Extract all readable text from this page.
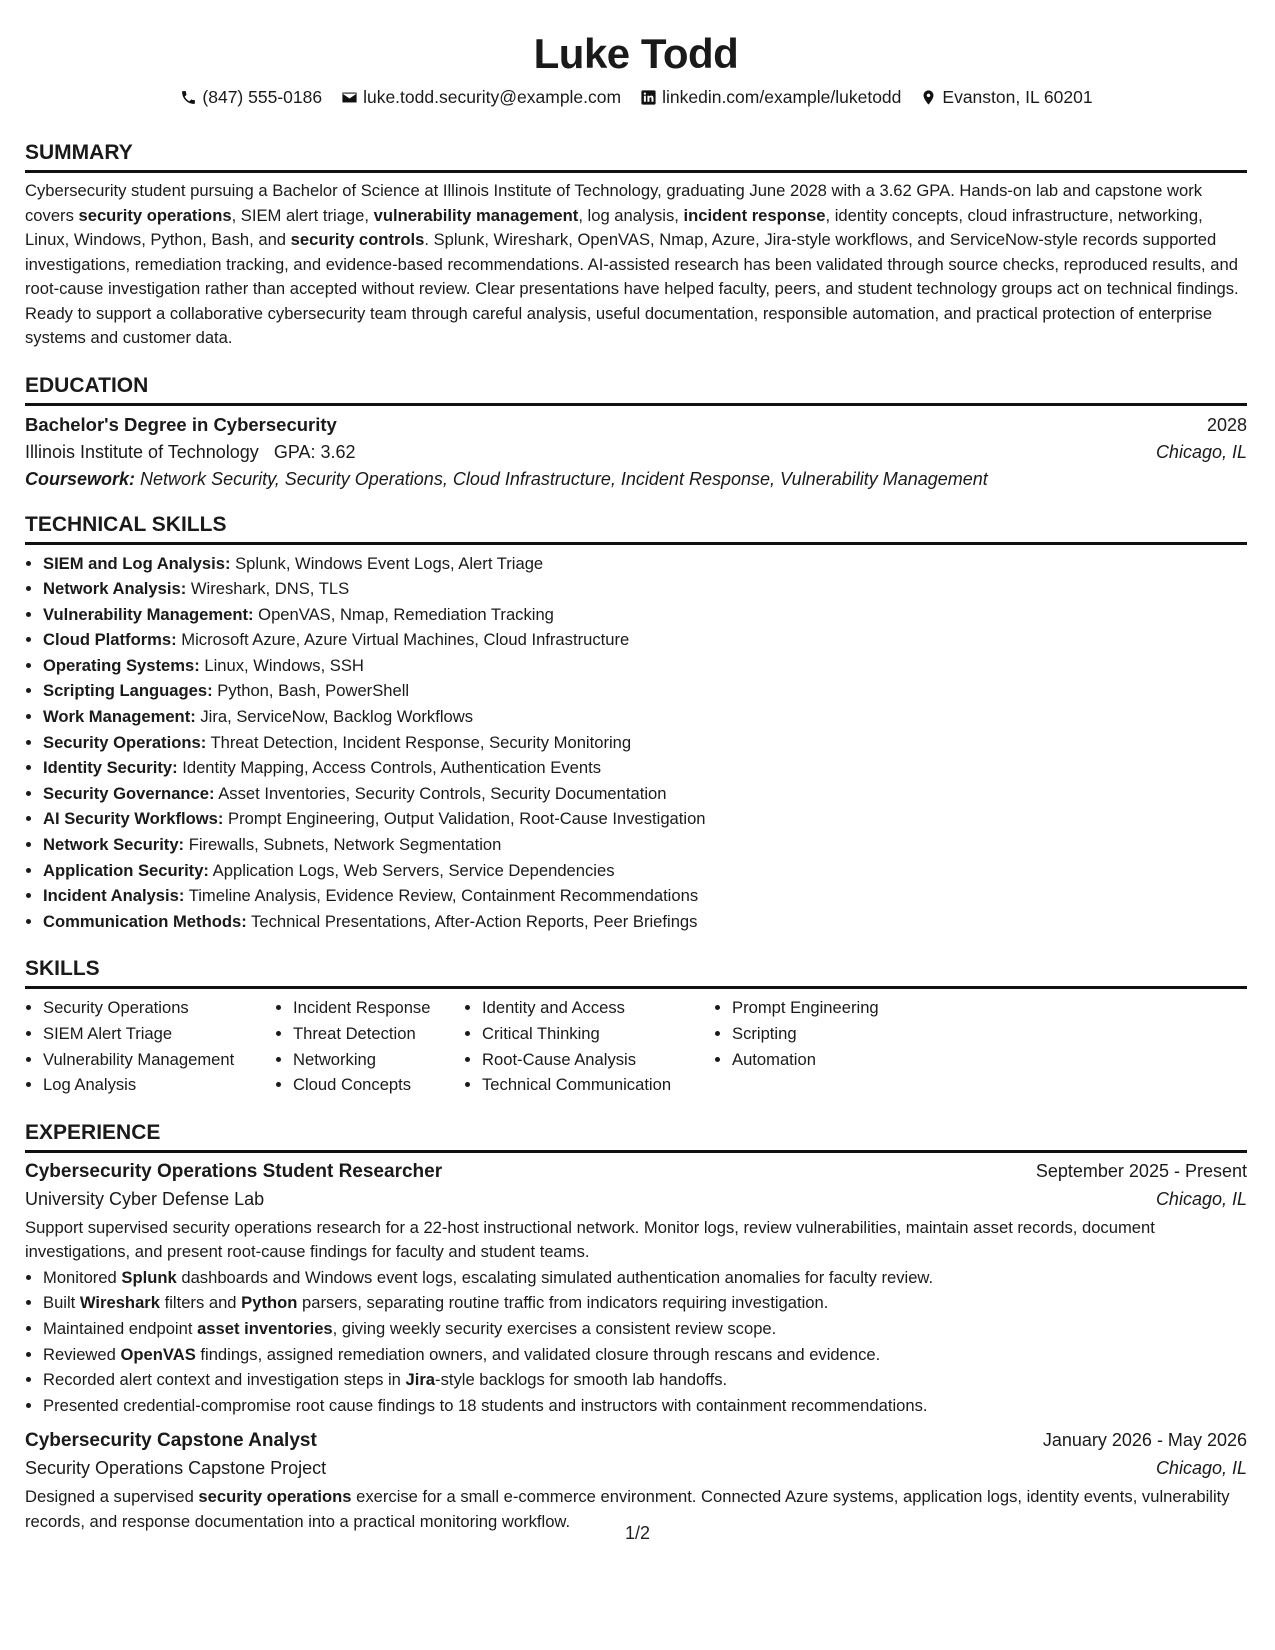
Luke Todd
(847) 555-0186 luke.todd.security@example.com linkedin.com/example/luketodd Evanston, IL 60201
SUMMARY

Cybersecurity student pursuing a Bachelor of Science at Illinois Institute of Technology, graduating June 2028 with a 3.62 GPA. Hands-on lab and capstone work covers security operations, SIEM alert triage, vulnerability management, log analysis, incident response, identity concepts, cloud infrastructure, networking, Linux, Windows, Python, Bash, and security controls. Splunk, Wireshark, OpenVAS, Nmap, Azure, Jira-style workflows, and ServiceNow-style records supported investigations, remediation tracking, and evidence-based recommendations. AI-assisted research has been validated through source checks, reproduced results, and root-cause investigation rather than accepted without review. Clear presentations have helped faculty, peers, and student technology groups act on technical findings. Ready to support a collaborative cybersecurity team through careful analysis, useful documentation, responsible automation, and practical protection of enterprise systems and customer data.

EDUCATION
Bachelor's Degree in Cybersecurity	2028
Illinois Institute of Technology GPA: 3.62	Chicago, IL
Coursework: Network Security, Security Operations, Cloud Infrastructure, Incident Response, Vulnerability Management
TECHNICAL SKILLS
• SIEM and Log Analysis: Splunk, Windows Event Logs, Alert Triage
• Network Analysis: Wireshark, DNS, TLS
• Vulnerability Management: OpenVAS, Nmap, Remediation Tracking
• Cloud Platforms: Microsoft Azure, Azure Virtual Machines, Cloud Infrastructure
• Operating Systems: Linux, Windows, SSH
• Scripting Languages: Python, Bash, PowerShell
• Work Management: Jira, ServiceNow, Backlog Workflows
• Security Operations: Threat Detection, Incident Response, Security Monitoring
• Identity Security: Identity Mapping, Access Controls, Authentication Events
• Security Governance: Asset Inventories, Security Controls, Security Documentation
• AI Security Workflows: Prompt Engineering, Output Validation, Root-Cause Investigation
• Network Security: Firewalls, Subnets, Network Segmentation
• Application Security: Application Logs, Web Servers, Service Dependencies
• Incident Analysis: Timeline Analysis, Evidence Review, Containment Recommendations
• Communication Methods: Technical Presentations, After-Action Reports, Peer Briefings
SKILLS
• Security Operations
• SIEM Alert Triage
• Vulnerability Management
• Log Analysis
• Incident Response
• Threat Detection
• Networking
• Cloud Concepts
• Identity and Access
• Critical Thinking
• Root-Cause Analysis
• Technical Communication
• Prompt Engineering
• Scripting
• Automation
EXPERIENCE
Cybersecurity Operations Student Researcher	September 2025 - Present
University Cyber Defense Lab	Chicago, IL
Support supervised security operations research for a 22-host instructional network. Monitor logs, review vulnerabilities, maintain asset records, document investigations, and present root-cause findings for faculty and student teams.
• Monitored Splunk dashboards and Windows event logs, escalating simulated authentication anomalies for faculty review.
• Built Wireshark filters and Python parsers, separating routine traffic from indicators requiring investigation.
• Maintained endpoint asset inventories, giving weekly security exercises a consistent review scope.
• Reviewed OpenVAS findings, assigned remediation owners, and validated closure through rescans and evidence.
• Recorded alert context and investigation steps in Jira-style backlogs for smooth lab handoffs.
• Presented credential-compromise root cause findings to 18 students and instructors with containment recommendations.
Cybersecurity Capstone Analyst	January 2026 - May 2026
Security Operations Capstone Project	Chicago, IL
Designed a supervised security operations exercise for a small e-commerce environment. Connected Azure systems, application logs, identity events, vulnerability records, and response documentation into a practical monitoring workflow.
1/2
